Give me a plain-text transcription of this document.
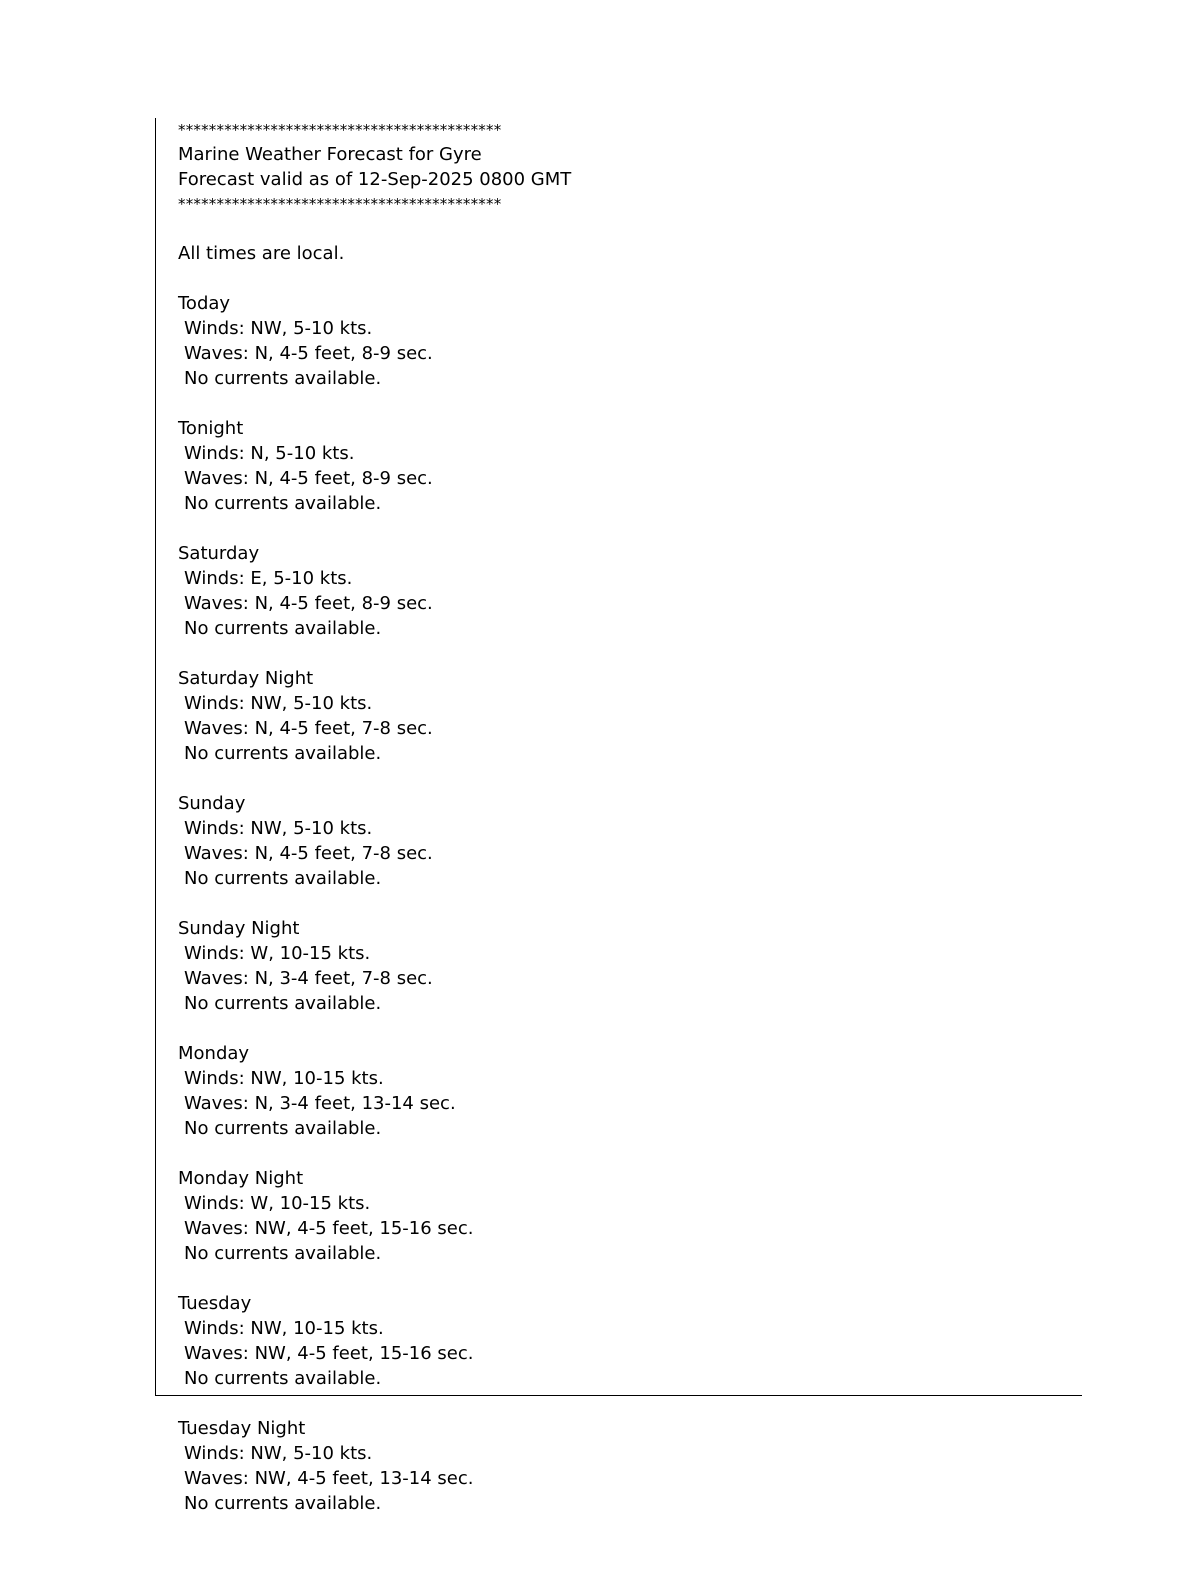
******************************************
Marine Weather Forecast for Gyre
Forecast valid as of 12-Sep-2025 0800 GMT
******************************************
All times are local.
Today
Winds: NW, 5-10 kts.
Waves: N, 4-5 feet, 8-9 sec.
No currents available.
Tonight
Winds: N, 5-10 kts.
Waves: N, 4-5 feet, 8-9 sec.
No currents available.
Saturday
Winds: E, 5-10 kts.
Waves: N, 4-5 feet, 8-9 sec.
No currents available.
Saturday Night
Winds: NW, 5-10 kts.
Waves: N, 4-5 feet, 7-8 sec.
No currents available.
Sunday
Winds: NW, 5-10 kts.
Waves: N, 4-5 feet, 7-8 sec.
No currents available.
Sunday Night
Winds: W, 10-15 kts.
Waves: N, 3-4 feet, 7-8 sec.
No currents available.
Monday
Winds: NW, 10-15 kts.
Waves: N, 3-4 feet, 13-14 sec.
No currents available.
Monday Night
Winds: W, 10-15 kts.
Waves: NW, 4-5 feet, 15-16 sec.
No currents available.
Tuesday
Winds: NW, 10-15 kts.
Waves: NW, 4-5 feet, 15-16 sec.
No currents available.
Tuesday Night
Winds: NW, 5-10 kts.
Waves: NW, 4-5 feet, 13-14 sec.
No currents available.
